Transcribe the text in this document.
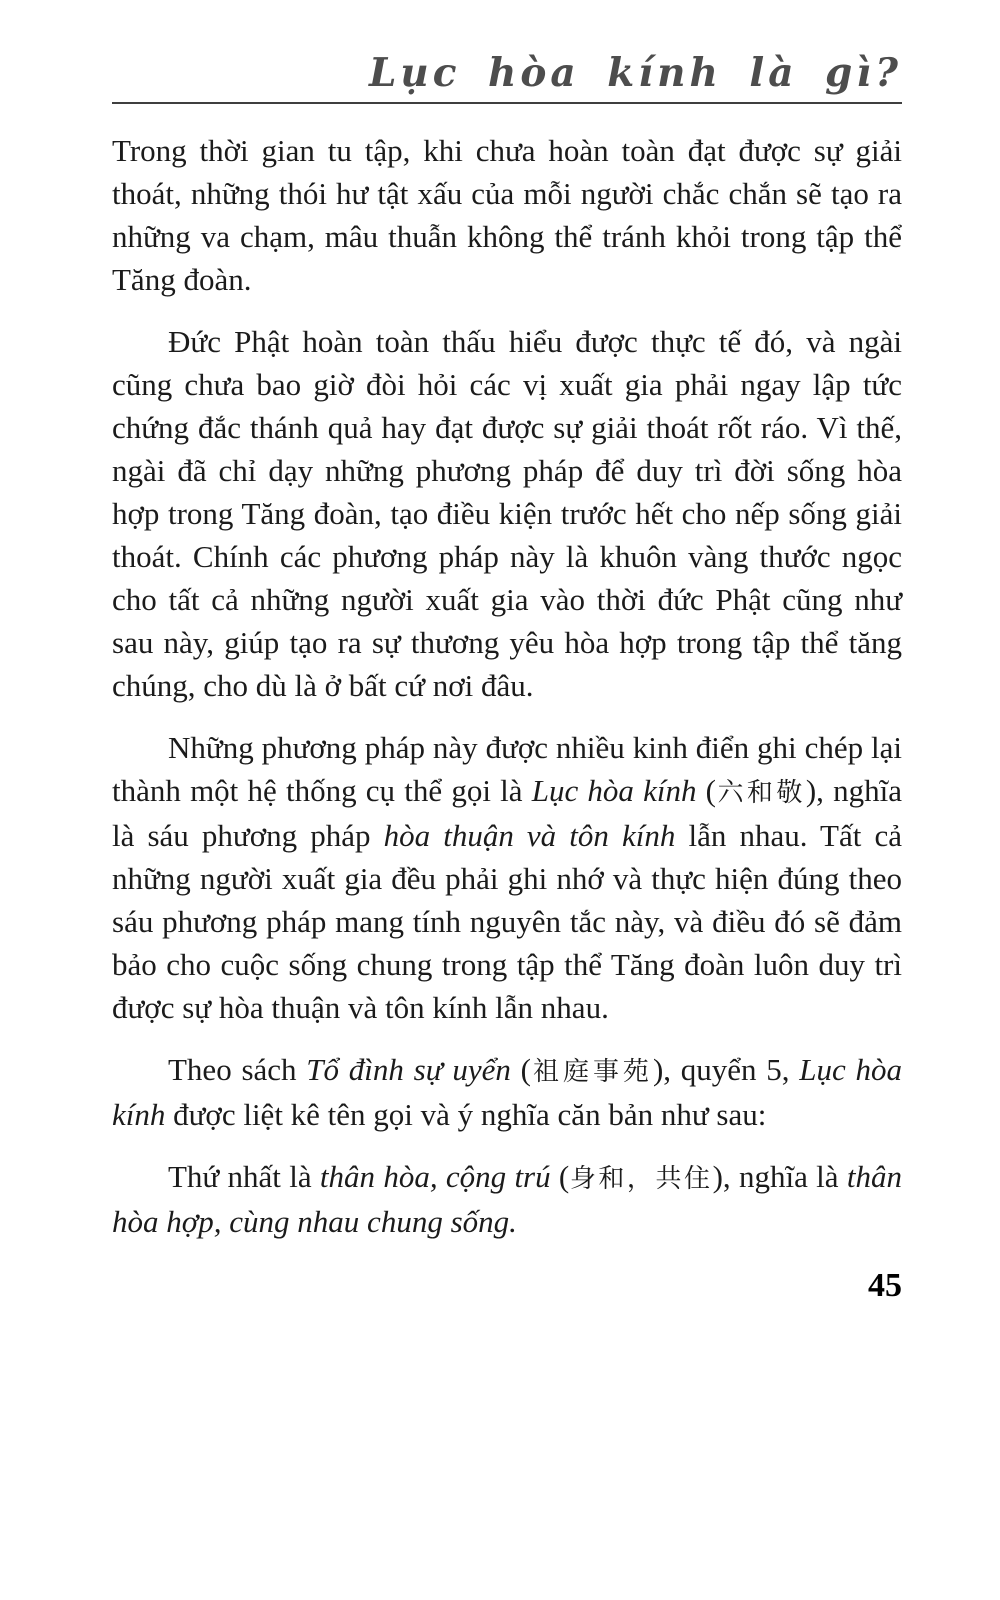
Lục hòa kính là gì?

Trong thời gian tu tập, khi chưa hoàn toàn đạt được sự giải thoát, những thói hư tật xấu của mỗi người chắc chắn sẽ tạo ra những va chạm, mâu thuẫn không thể tránh khỏi trong tập thể Tăng đoàn.

Đức Phật hoàn toàn thấu hiểu được thực tế đó, và ngài cũng chưa bao giờ đòi hỏi các vị xuất gia phải ngay lập tức chứng đắc thánh quả hay đạt được sự giải thoát rốt ráo. Vì thế, ngài đã chỉ dạy những phương pháp để duy trì đời sống hòa hợp trong Tăng đoàn, tạo điều kiện trước hết cho nếp sống giải thoát. Chính các phương pháp này là khuôn vàng thước ngọc cho tất cả những người xuất gia vào thời đức Phật cũng như sau này, giúp tạo ra sự thương yêu hòa hợp trong tập thể tăng chúng, cho dù là ở bất cứ nơi đâu.

Những phương pháp này được nhiều kinh điển ghi chép lại thành một hệ thống cụ thể gọi là Lục hòa kính (六和敬), nghĩa là sáu phương pháp hòa thuận và tôn kính lẫn nhau. Tất cả những người xuất gia đều phải ghi nhớ và thực hiện đúng theo sáu phương pháp mang tính nguyên tắc này, và điều đó sẽ đảm bảo cho cuộc sống chung trong tập thể Tăng đoàn luôn duy trì được sự hòa thuận và tôn kính lẫn nhau.

Theo sách Tổ đình sự uyển (祖庭事苑), quyển 5, Lục hòa kính được liệt kê tên gọi và ý nghĩa căn bản như sau:

Thứ nhất là thân hòa, cộng trú (身和，共住), nghĩa là thân hòa hợp, cùng nhau chung sống.

45
